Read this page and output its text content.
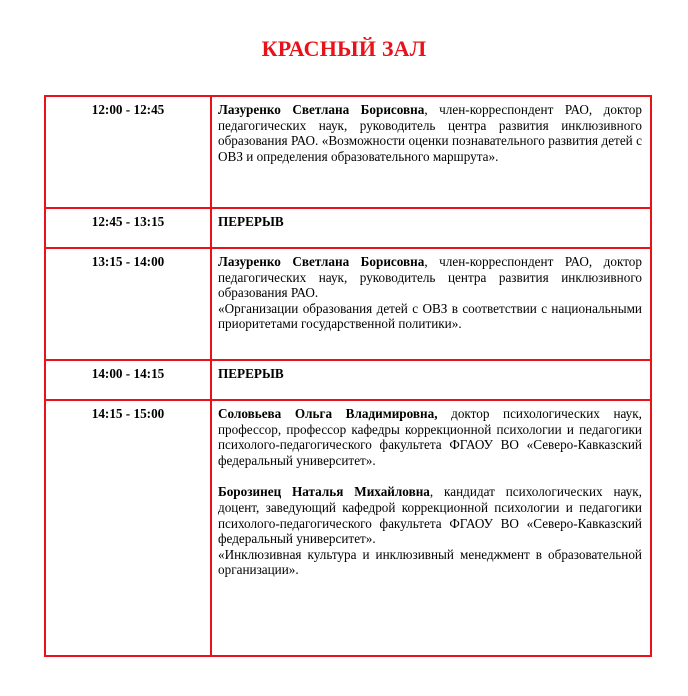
КРАСНЫЙ ЗАЛ
12:00 - 12:45	Лазуренко Светлана Борисовна, член-корреспондент РАО, доктор педагогических наук, руководитель центра развития инклюзивного образования РАО. «Возможности оценки познавательного развития детей с ОВЗ и определения образовательного маршрута».

12:45 - 13:15	ПЕРЕРЫВ
13:15 - 14:00	Лазуренко Светлана Борисовна, член-корреспондент РАО, доктор педагогических наук, руководитель центра развития инклюзивного образования РАО.

«Организации образования детей с ОВЗ в соответствии с национальными приоритетами государственной политики».

14:00 - 14:15	ПЕРЕРЫВ
14:15 - 15:00	Соловьева Ольга Владимировна, доктор психологических наук, профессор, профессор кафедры коррекционной психологии и педагогики психолого-педагогического факультета ФГАОУ ВО «Северо-Кавказский федеральный университет».

Борозинец Наталья Михайловна, кандидат психологических наук, доцент, заведующий кафедрой коррекционной психологии и педагогики психолого-педагогического факультета ФГАОУ ВО «Северо-Кавказский федеральный университет».

«Инклюзивная культура и инклюзивный менеджмент в образовательной организации».
